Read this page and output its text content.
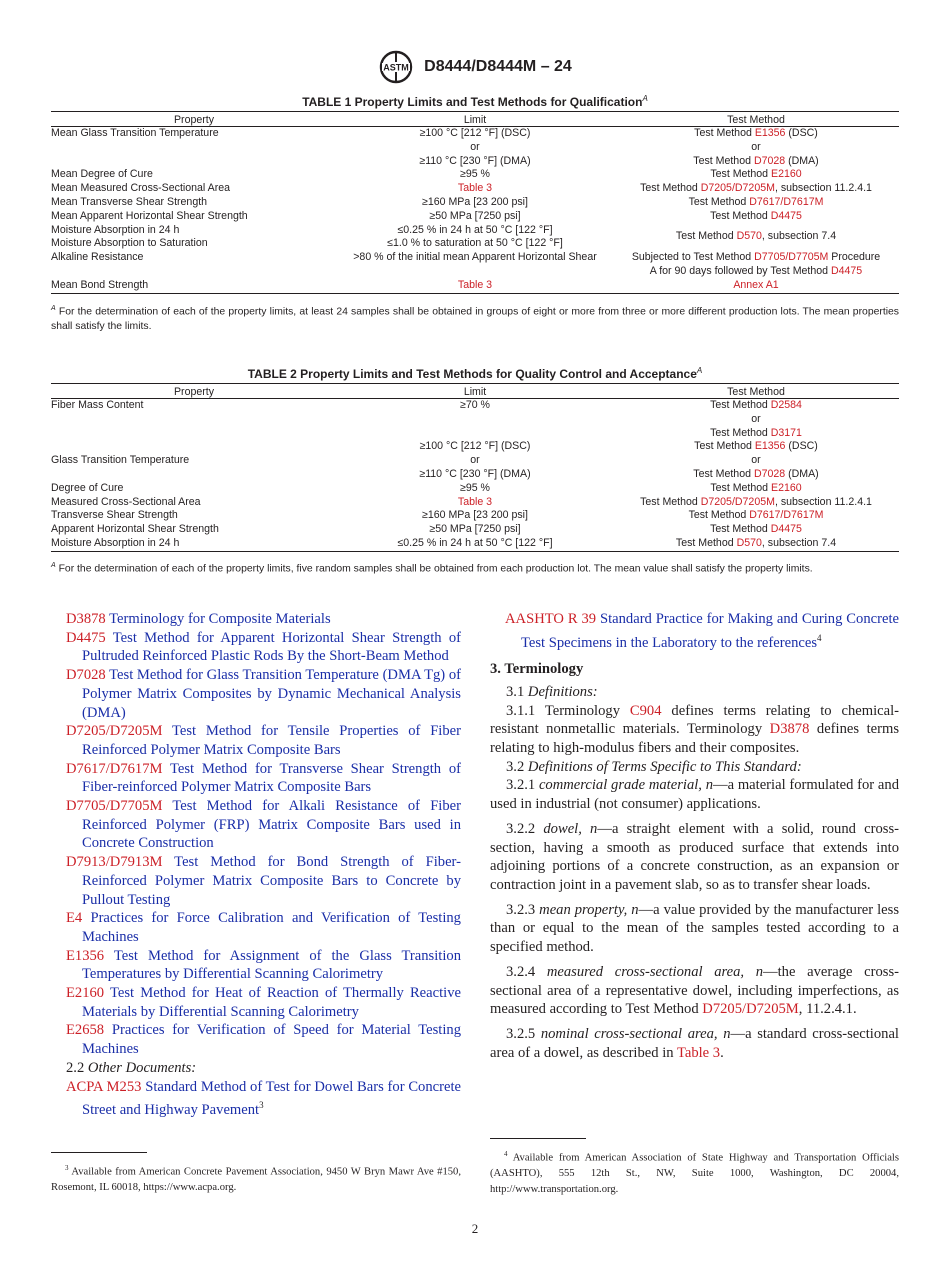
ASTM D8444/D8444M – 24
TABLE 1 Property Limits and Test Methods for Qualification$^A$
Property	Limit	Test Method
Mean Glass Transition Temperature	≥100 °C [212 °F] (DSC)	Test Method E1356 (DSC)
	or	or
	≥110 °C [230 °F] (DMA)	Test Method D7028 (DMA)
Mean Degree of Cure	≥95 %	Test Method E2160
Mean Measured Cross-Sectional Area	Table 3	Test Method D7205/D7205M, subsection 11.2.4.1
Mean Transverse Shear Strength	≥160 MPa [23 200 psi]	Test Method D7617/D7617M
Mean Apparent Horizontal Shear Strength	≥50 MPa [7250 psi]	Test Method D4475
Moisture Absorption in 24 h	≤0.25 % in 24 h at 50 °C [122 °F]	Test Method D570, subsection 7.4
Moisture Absorption to Saturation	≤1.0 % to saturation at 50 °C [122 °F]	
Alkaline Resistance	>80 % of the initial mean Apparent Horizontal Shear	Subjected to Test Method D7705/D7705M Procedure
		A for 90 days followed by Test Method D4475
Mean Bond Strength	Table 3	Annex A1
$^A$ For the determination of each of the property limits, at least 24 samples shall be obtained in groups of eight or more from three or more different production lots. The mean properties shall satisfy the limits.
TABLE 2 Property Limits and Test Methods for Quality Control and Acceptance$^A$
Property	Limit	Test Method
Fiber Mass Content	≥70 %	Test Method D2584
		or
		Test Method D3171
	≥100 °C [212 °F] (DSC)	Test Method E1356 (DSC)
Glass Transition Temperature	or	or
	≥110 °C [230 °F] (DMA)	Test Method D7028 (DMA)
Degree of Cure	≥95 %	Test Method E2160
Measured Cross-Sectional Area	Table 3	Test Method D7205/D7205M, subsection 11.2.4.1
Transverse Shear Strength	≥160 MPa [23 200 psi]	Test Method D7617/D7617M
Apparent Horizontal Shear Strength	≥50 MPa [7250 psi]	Test Method D4475
Moisture Absorption in 24 h	≤0.25 % in 24 h at 50 °C [122 °F]	Test Method D570, subsection 7.4
$^A$ For the determination of each of the property limits, five random samples shall be obtained from each production lot. The mean value shall satisfy the property limits.
D3878 Terminology for Composite Materials
D4475 Test Method for Apparent Horizontal Shear Strength of Pultruded Reinforced Plastic Rods By the Short-Beam Method
D7028 Test Method for Glass Transition Temperature (DMA Tg) of Polymer Matrix Composites by Dynamic Mechanical Analysis (DMA)
D7205/D7205M Test Method for Tensile Properties of Fiber Reinforced Polymer Matrix Composite Bars
D7617/D7617M Test Method for Transverse Shear Strength of Fiber-reinforced Polymer Matrix Composite Bars
D7705/D7705M Test Method for Alkali Resistance of Fiber Reinforced Polymer (FRP) Matrix Composite Bars used in Concrete Construction
D7913/D7913M Test Method for Bond Strength of Fiber-Reinforced Polymer Matrix Composite Bars to Concrete by Pullout Testing
E4 Practices for Force Calibration and Verification of Testing Machines
E1356 Test Method for Assignment of the Glass Transition Temperatures by Differential Scanning Calorimetry
E2160 Test Method for Heat of Reaction of Thermally Reactive Materials by Differential Scanning Calorimetry
E2658 Practices for Verification of Speed for Material Testing Machines
2.2 Other Documents:
ACPA M253 Standard Method of Test for Dowel Bars for Concrete Street and Highway Pavement$^3$
$^3$ Available from American Concrete Pavement Association, 9450 W Bryn Mawr Ave #150, Rosemont, IL 60018, https://www.acpa.org.
AASHTO R 39 Standard Practice for Making and Curing Concrete Test Specimens in the Laboratory to the references$^4$
3. Terminology
3.1 Definitions:
3.1.1 Terminology C904 defines terms relating to chemical-resistant nonmetallic materials. Terminology D3878 defines terms relating to high-modulus fibers and their composites.
3.2 Definitions of Terms Specific to This Standard:
3.2.1 commercial grade material, n—a material formulated for and used in industrial (not consumer) applications.
3.2.2 dowel, n—a straight element with a solid, round cross-section, having a smooth as produced surface that extends into adjoining portions of a concrete construction, as an expansion or contraction joint in a pavement slab, so as to transfer shear loads.
3.2.3 mean property, n—a value provided by the manufacturer less than or equal to the mean of the samples tested according to a specified method.
3.2.4 measured cross-sectional area, n—the average cross-sectional area of a representative dowel, including imperfections, as measured according to Test Method D7205/D7205M, 11.2.4.1.
3.2.5 nominal cross-sectional area, n—a standard cross-sectional area of a dowel, as described in Table 3.
$^4$ Available from American Association of State Highway and Transportation Officials (AASHTO), 555 12th St., NW, Suite 1000, Washington, DC 20004, http://www.transportation.org.
2
